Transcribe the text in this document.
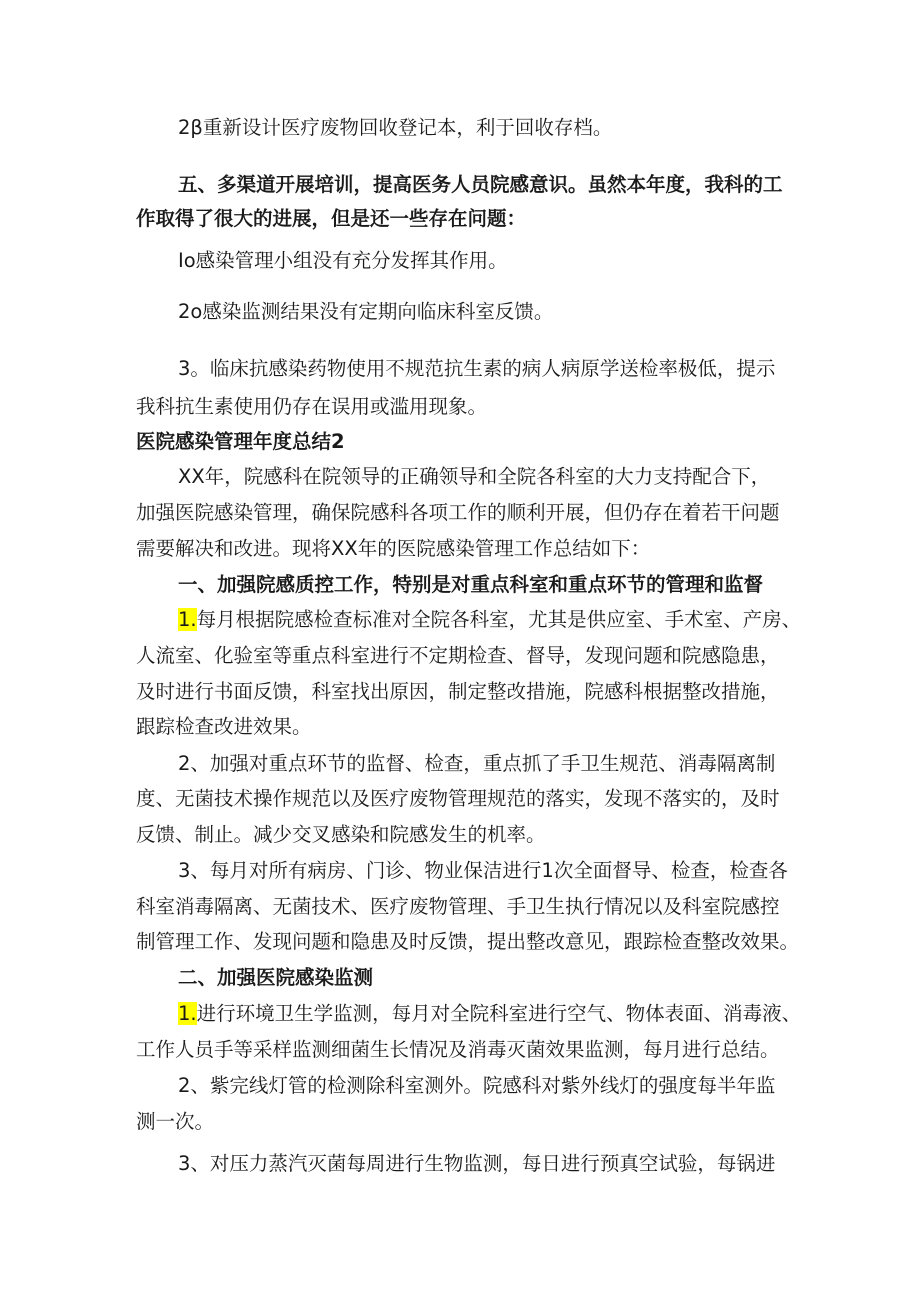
2β重新设计医疗废物回收登记本，利于回收存档。
五、多渠道开展培训，提高医务人员院感意识。虽然本年度，我科的工
作取得了很大的进展，但是还一些存在问题：
Io感染管理小组没有充分发挥其作用。
2o感染监测结果没有定期向临床科室反馈。
3。临床抗感染药物使用不规范抗生素的病人病原学送检率极低，提示
我科抗生素使用仍存在误用或滥用现象。
医院感染管理年度总结2
XX年，院感科在院领导的正确领导和全院各科室的大力支持配合下，
加强医院感染管理，确保院感科各项工作的顺利开展，但仍存在着若干问题
需要解决和改进。现将XX年的医院感染管理工作总结如下：
一、加强院感质控工作，特别是对重点科室和重点环节的管理和监督
1.每月根据院感检查标准对全院各科室，尤其是供应室、手术室、产房、
人流室、化验室等重点科室进行不定期检查、督导，发现问题和院感隐患，
及时进行书面反馈，科室找出原因，制定整改措施，院感科根据整改措施，
跟踪检查改进效果。
2、加强对重点环节的监督、检查，重点抓了手卫生规范、消毒隔离制
度、无菌技术操作规范以及医疗废物管理规范的落实，发现不落实的，及时
反馈、制止。减少交叉感染和院感发生的机率。
3、每月对所有病房、门诊、物业保洁进行1次全面督导、检查，检查各
科室消毒隔离、无菌技术、医疗废物管理、手卫生执行情况以及科室院感控
制管理工作、发现问题和隐患及时反馈，提出整改意见，跟踪检查整改效果。
二、加强医院感染监测
1.进行环境卫生学监测，每月对全院科室进行空气、物体表面、消毒液、
工作人员手等采样监测细菌生长情况及消毒灭菌效果监测，每月进行总结。
2、紫完线灯管的检测除科室测外。院感科对紫外线灯的强度每半年监
测一次。
3、对压力蒸汽灭菌每周进行生物监测，每日进行预真空试验，每锅进
